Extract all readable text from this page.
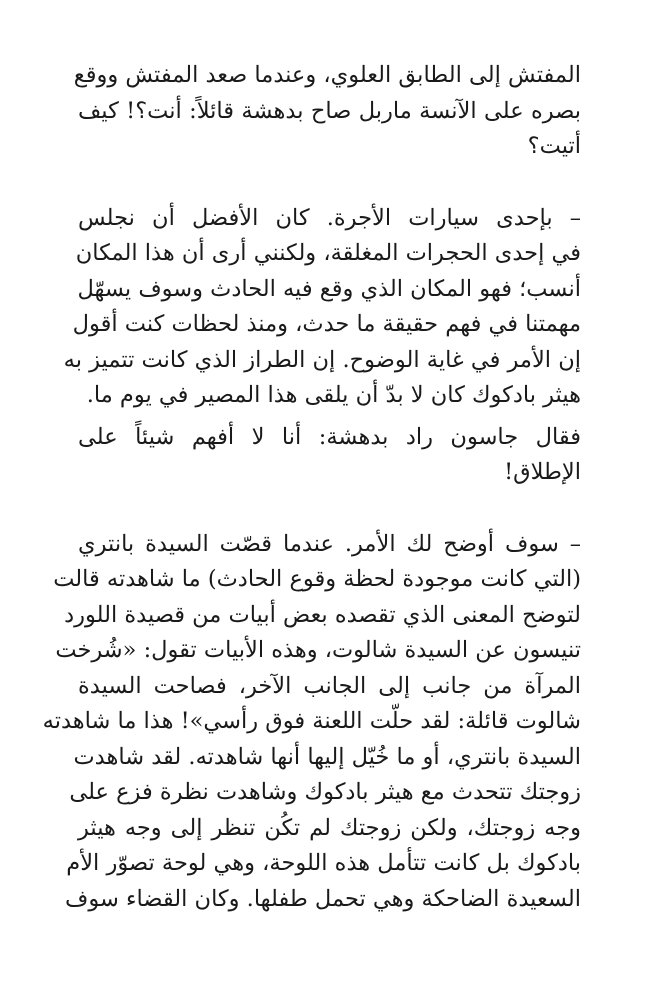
المفتش إلى الطابق العلوي، وعندما صعد المفتش ووقع
بصره على الآنسة ماربل صاح بدهشة قائلاً: أنت؟! كيف
أتيت؟

– بإحدى سيارات الأجرة. كان الأفضل أن نجلس
في إحدى الحجرات المغلقة، ولكنني أرى أن هذا المكان
أنسب؛ فهو المكان الذي وقع فيه الحادث وسوف يسهّل
مهمتنا في فهم حقيقة ما حدث، ومنذ لحظات كنت أقول
إن الأمر في غاية الوضوح. إن الطراز الذي كانت تتميز به
هيثر بادكوك كان لا بدّ أن يلقى هذا المصير في يوم ما.

فقال جاسون راد بدهشة: أنا لا أفهم شيئاً على
الإطلاق!

– سوف أوضح لك الأمر. عندما قصّت السيدة بانتري
(التي كانت موجودة لحظة وقوع الحادث) ما شاهدته قالت
لتوضح المعنى الذي تقصده بعض أبيات من قصيدة اللورد
تنيسون عن السيدة شالوت، وهذه الأبيات تقول: «شُرخت
المرآة من جانب إلى الجانب الآخر، فصاحت السيدة
شالوت قائلة: لقد حلّت اللعنة فوق رأسي»! هذا ما شاهدته
السيدة بانتري، أو ما خُيّل إليها أنها شاهدته. لقد شاهدت
زوجتك تتحدث مع هيثر بادكوك وشاهدت نظرة فزع على
وجه زوجتك، ولكن زوجتك لم تكُن تنظر إلى وجه هيثر
بادكوك بل كانت تتأمل هذه اللوحة، وهي لوحة تصوّر الأم
السعيدة الضاحكة وهي تحمل طفلها. وكان القضاء سوف
